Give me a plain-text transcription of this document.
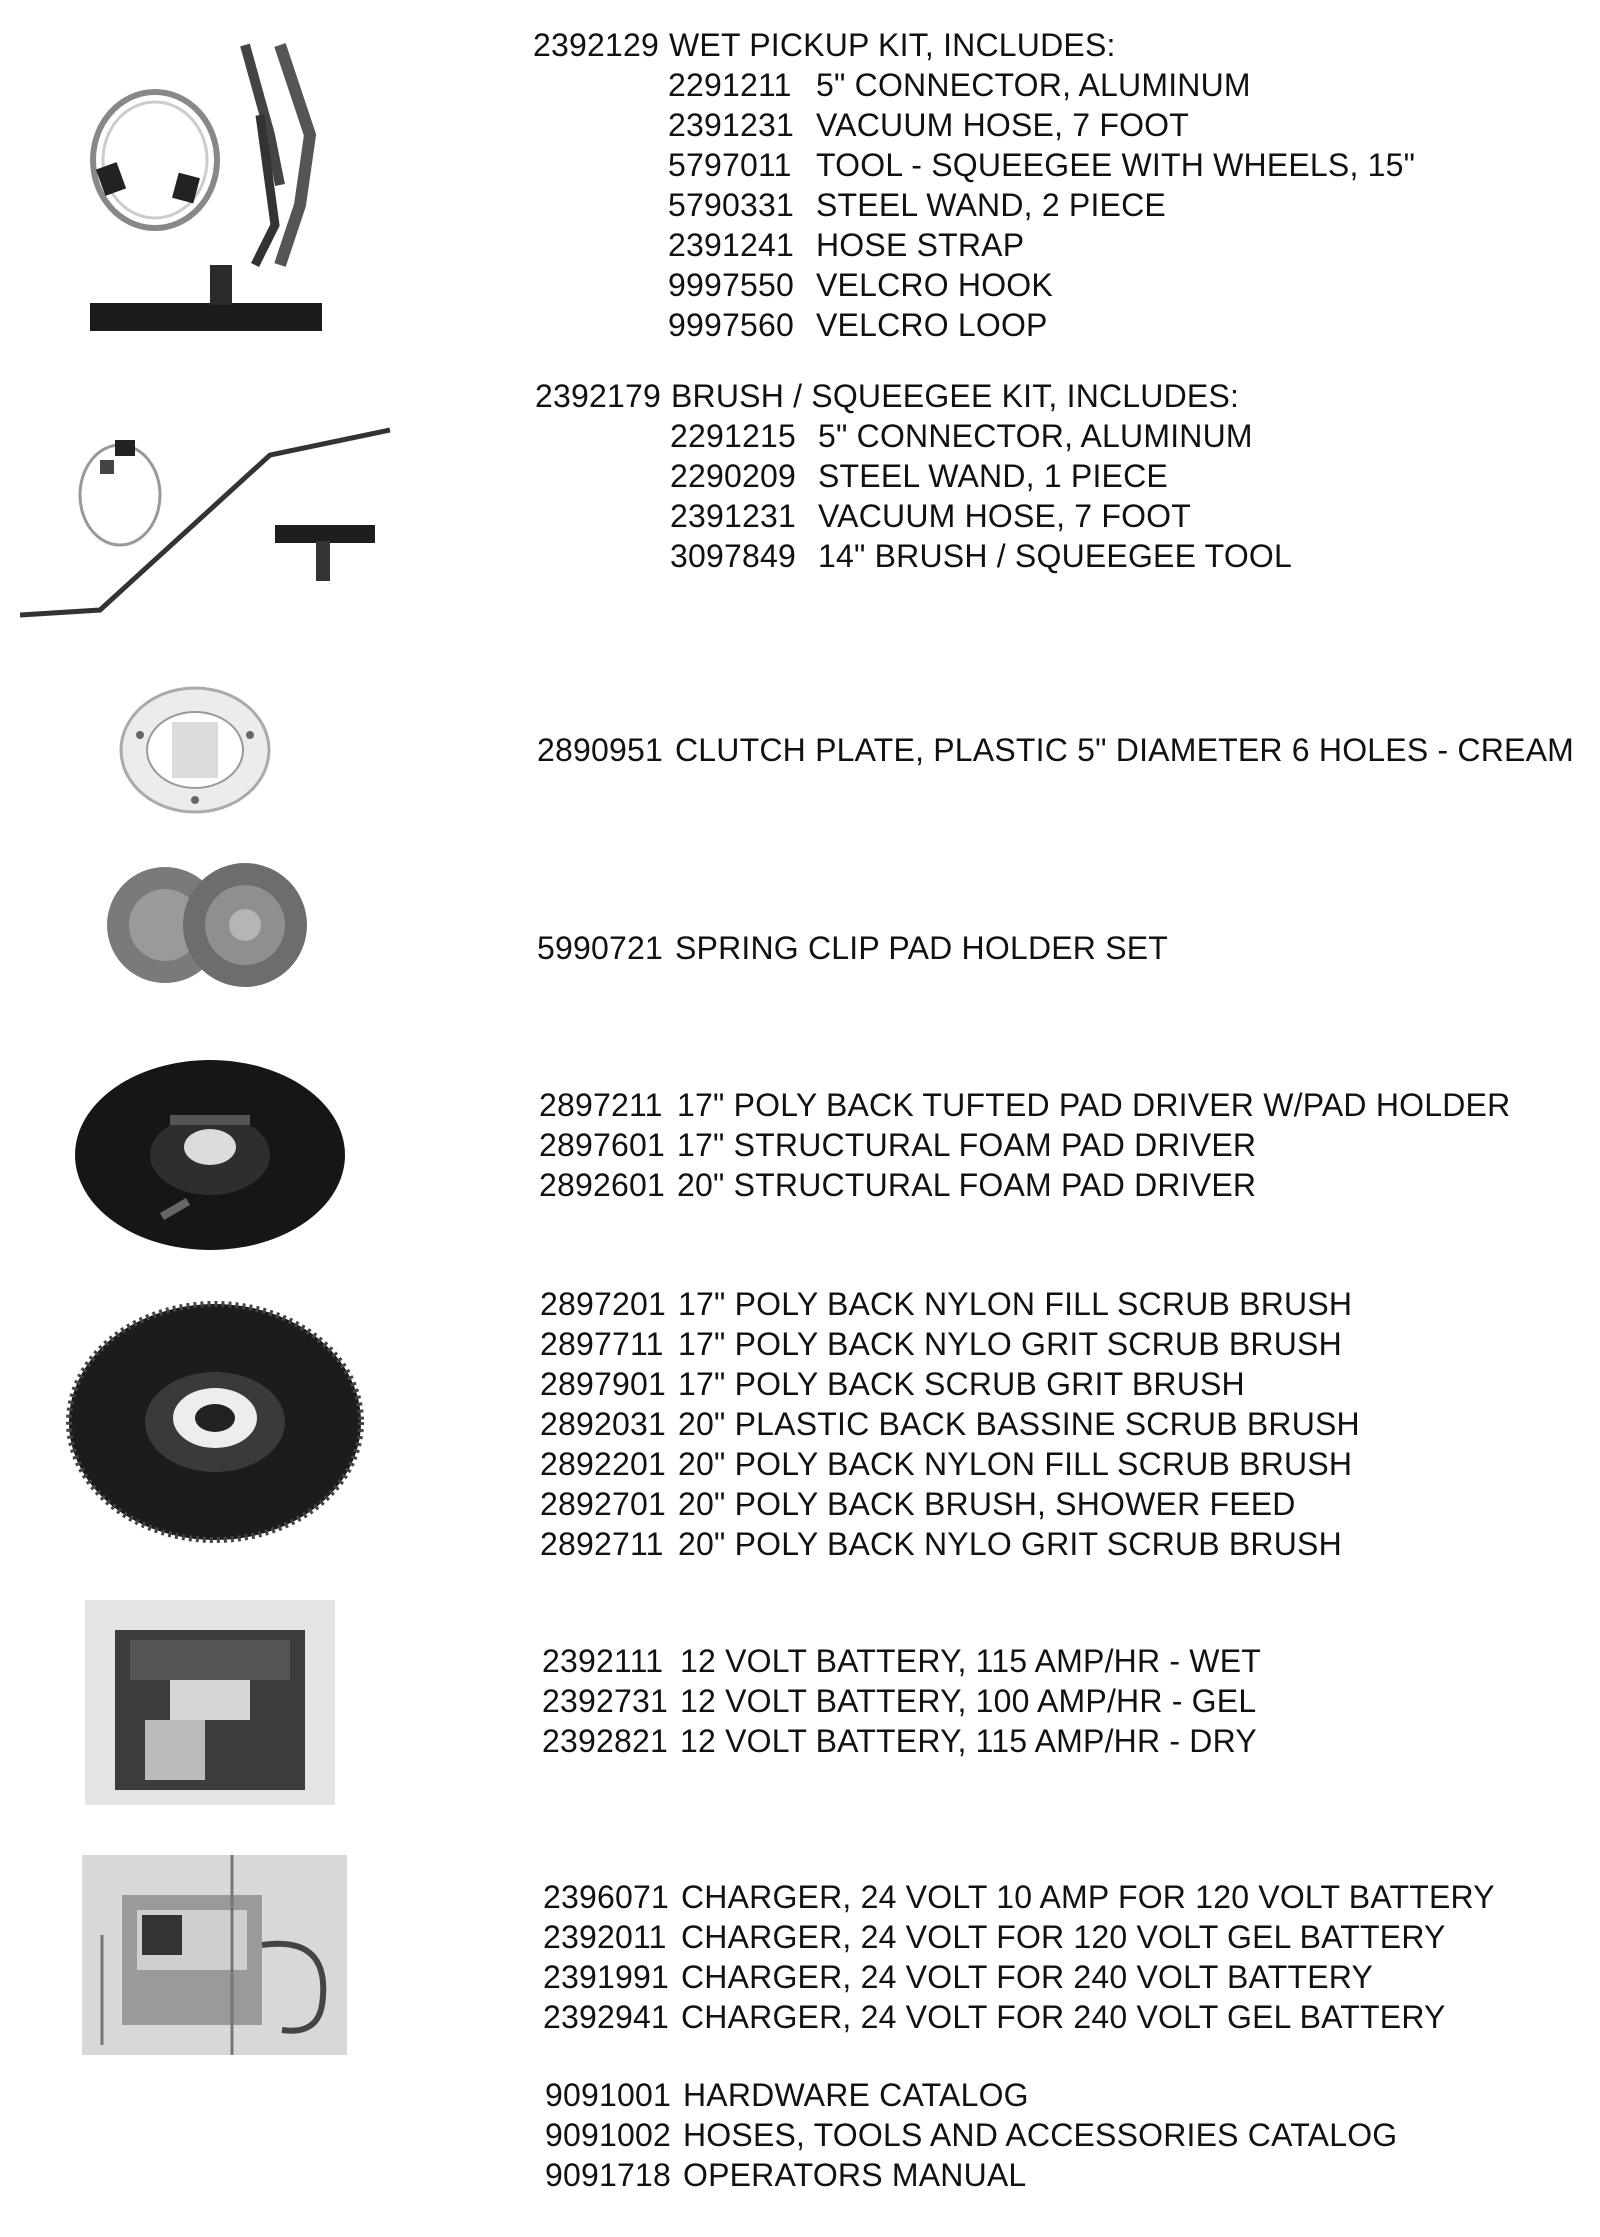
2392129 WET PICKUP KIT, INCLUDES:
2291211 5" CONNECTOR, ALUMINUM
2391231 VACUUM HOSE, 7 FOOT
5797011 TOOL - SQUEEGEE WITH WHEELS, 15"
5790331 STEEL WAND, 2 PIECE
2391241 HOSE STRAP
9997550 VELCRO HOOK
9997560 VELCRO LOOP
2392179 BRUSH / SQUEEGEE KIT, INCLUDES:
2291215 5" CONNECTOR, ALUMINUM
2290209 STEEL WAND, 1 PIECE
2391231 VACUUM HOSE, 7 FOOT
3097849 14" BRUSH / SQUEEGEE TOOL
2890951 CLUTCH PLATE, PLASTIC 5" DIAMETER 6 HOLES - CREAM
5990721 SPRING CLIP PAD HOLDER SET
2897211 17" POLY BACK TUFTED PAD DRIVER W/PAD HOLDER
2897601 17" STRUCTURAL FOAM PAD DRIVER
2892601 20" STRUCTURAL FOAM PAD DRIVER
2897201 17" POLY BACK NYLON FILL SCRUB BRUSH
2897711 17" POLY BACK NYLO GRIT SCRUB BRUSH
2897901 17" POLY BACK SCRUB GRIT BRUSH
2892031 20" PLASTIC BACK BASSINE SCRUB BRUSH
2892201 20" POLY BACK NYLON FILL SCRUB BRUSH
2892701 20" POLY BACK BRUSH, SHOWER FEED
2892711 20" POLY BACK NYLO GRIT SCRUB BRUSH
2392111 12 VOLT BATTERY, 115 AMP/HR - WET
2392731 12 VOLT BATTERY, 100 AMP/HR - GEL
2392821 12 VOLT BATTERY, 115 AMP/HR - DRY
2396071 CHARGER, 24 VOLT 10 AMP FOR 120 VOLT BATTERY
2392011 CHARGER, 24 VOLT FOR 120 VOLT GEL BATTERY
2391991 CHARGER, 24 VOLT FOR 240 VOLT BATTERY
2392941 CHARGER, 24 VOLT FOR 240 VOLT GEL BATTERY
9091001 HARDWARE CATALOG
9091002 HOSES, TOOLS AND ACCESSORIES CATALOG
9091718 OPERATORS MANUAL
